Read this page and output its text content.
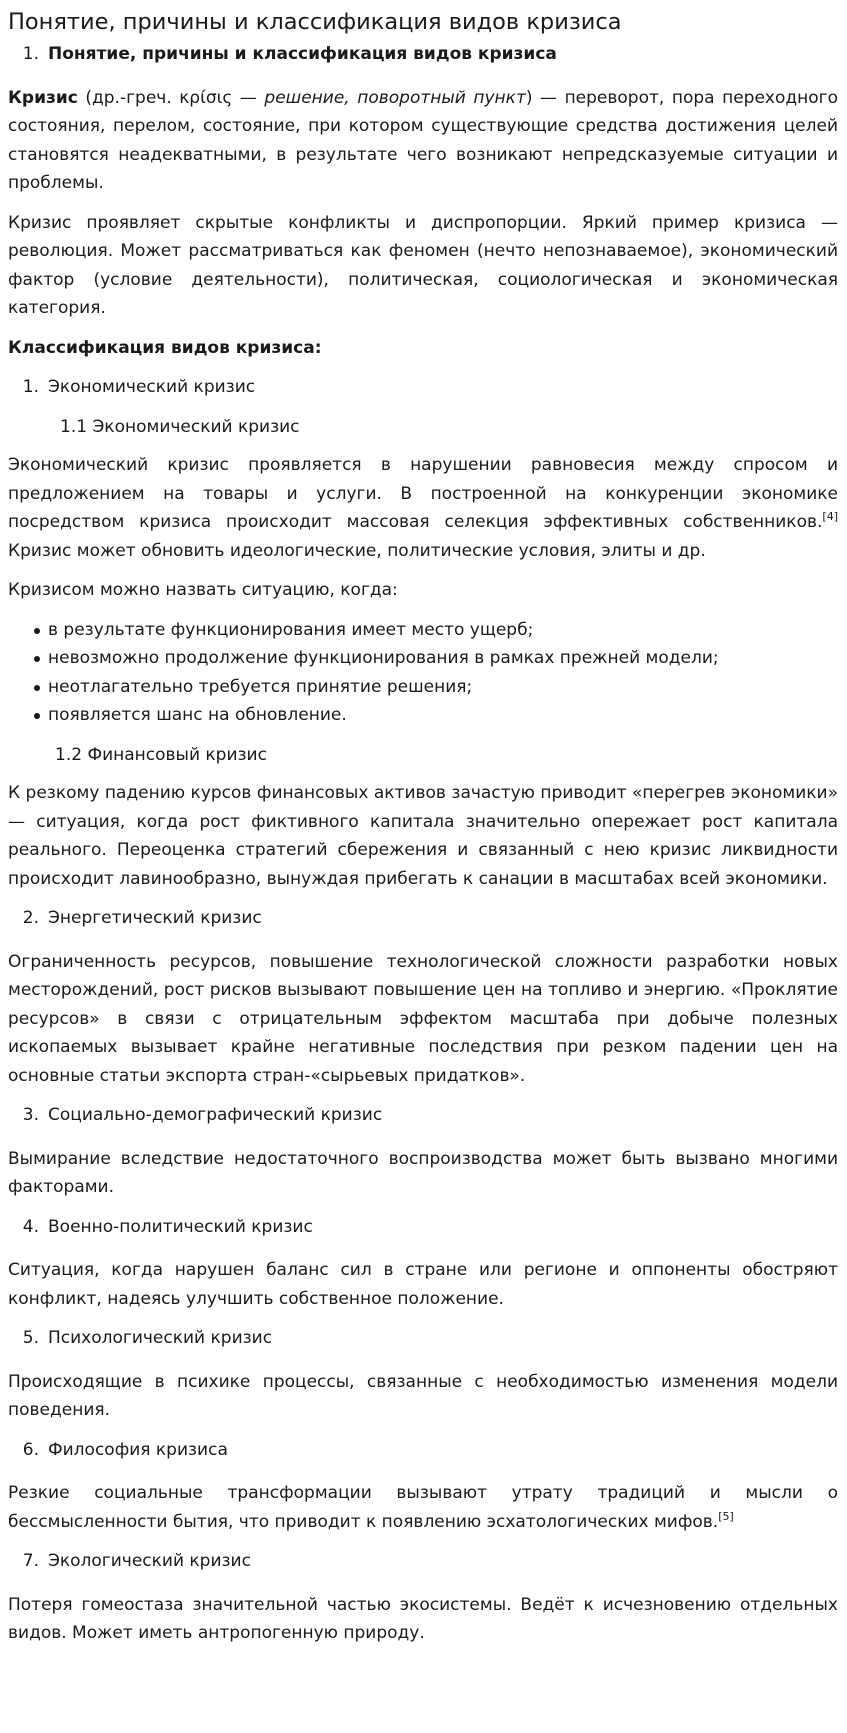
Понятие, причины и классификация видов кризиса
1. Понятие, причины и классификация видов кризиса

Кризис (др.-греч. κρίσις — решение, поворотный пункт) — переворот, пора переходного состояния, перелом, состояние, при котором существующие средства достижения целей становятся неадекватными, в результате чего возникают непредсказуемые ситуации и проблемы.

Кризис проявляет скрытые конфликты и диспропорции. Яркий пример кризиса — революция. Может рассматриваться как феномен (нечто непознаваемое), экономический фактор (условие деятельности), политическая, социологическая и экономическая категория.

Классификация видов кризиса:
1. Экономический кризис
1.1 Экономический кризис

Экономический кризис проявляется в нарушении равновесия между спросом и предложением на товары и услуги. В построенной на конкуренции экономике посредством кризиса происходит массовая селекция эффективных собственников.[4] Кризис может обновить идеологические, политические условия, элиты и др.

Кризисом можно назвать ситуацию, когда:

в результате функционирования имеет место ущерб;
невозможно продолжение функционирования в рамках прежней модели;
неотлагательно требуется принятие решения;
появляется шанс на обновление.
1.2 Финансовый кризис

К резкому падению курсов финансовых активов зачастую приводит «перегрев экономики» — ситуация, когда рост фиктивного капитала значительно опережает рост капитала реального. Переоценка стратегий сбережения и связанный с нею кризис ликвидности происходит лавинообразно, вынуждая прибегать к санации в масштабах всей экономики.

2. Энергетический кризис

Ограниченность ресурсов, повышение технологической сложности разработки новых месторождений, рост рисков вызывают повышение цен на топливо и энергию. «Проклятие ресурсов» в связи с отрицательным эффектом масштаба при добыче полезных ископаемых вызывает крайне негативные последствия при резком падении цен на основные статьи экспорта стран-«сырьевых придатков».

3. Социально-демографический кризис

Вымирание вследствие недостаточного воспроизводства может быть вызвано многими факторами.

4. Военно-политический кризис

Ситуация, когда нарушен баланс сил в стране или регионе и оппоненты обостряют конфликт, надеясь улучшить собственное положение.

5. Психологический кризис

Происходящие в психике процессы, связанные с необходимостью изменения модели поведения.

6. Философия кризиса

Резкие социальные трансформации вызывают утрату традиций и мысли о бессмысленности бытия, что приводит к появлению эсхатологических мифов.[5]

7. Экологический кризис

Потеря гомеостаза значительной частью экосистемы. Ведёт к исчезновению отдельных видов. Может иметь антропогенную природу.
